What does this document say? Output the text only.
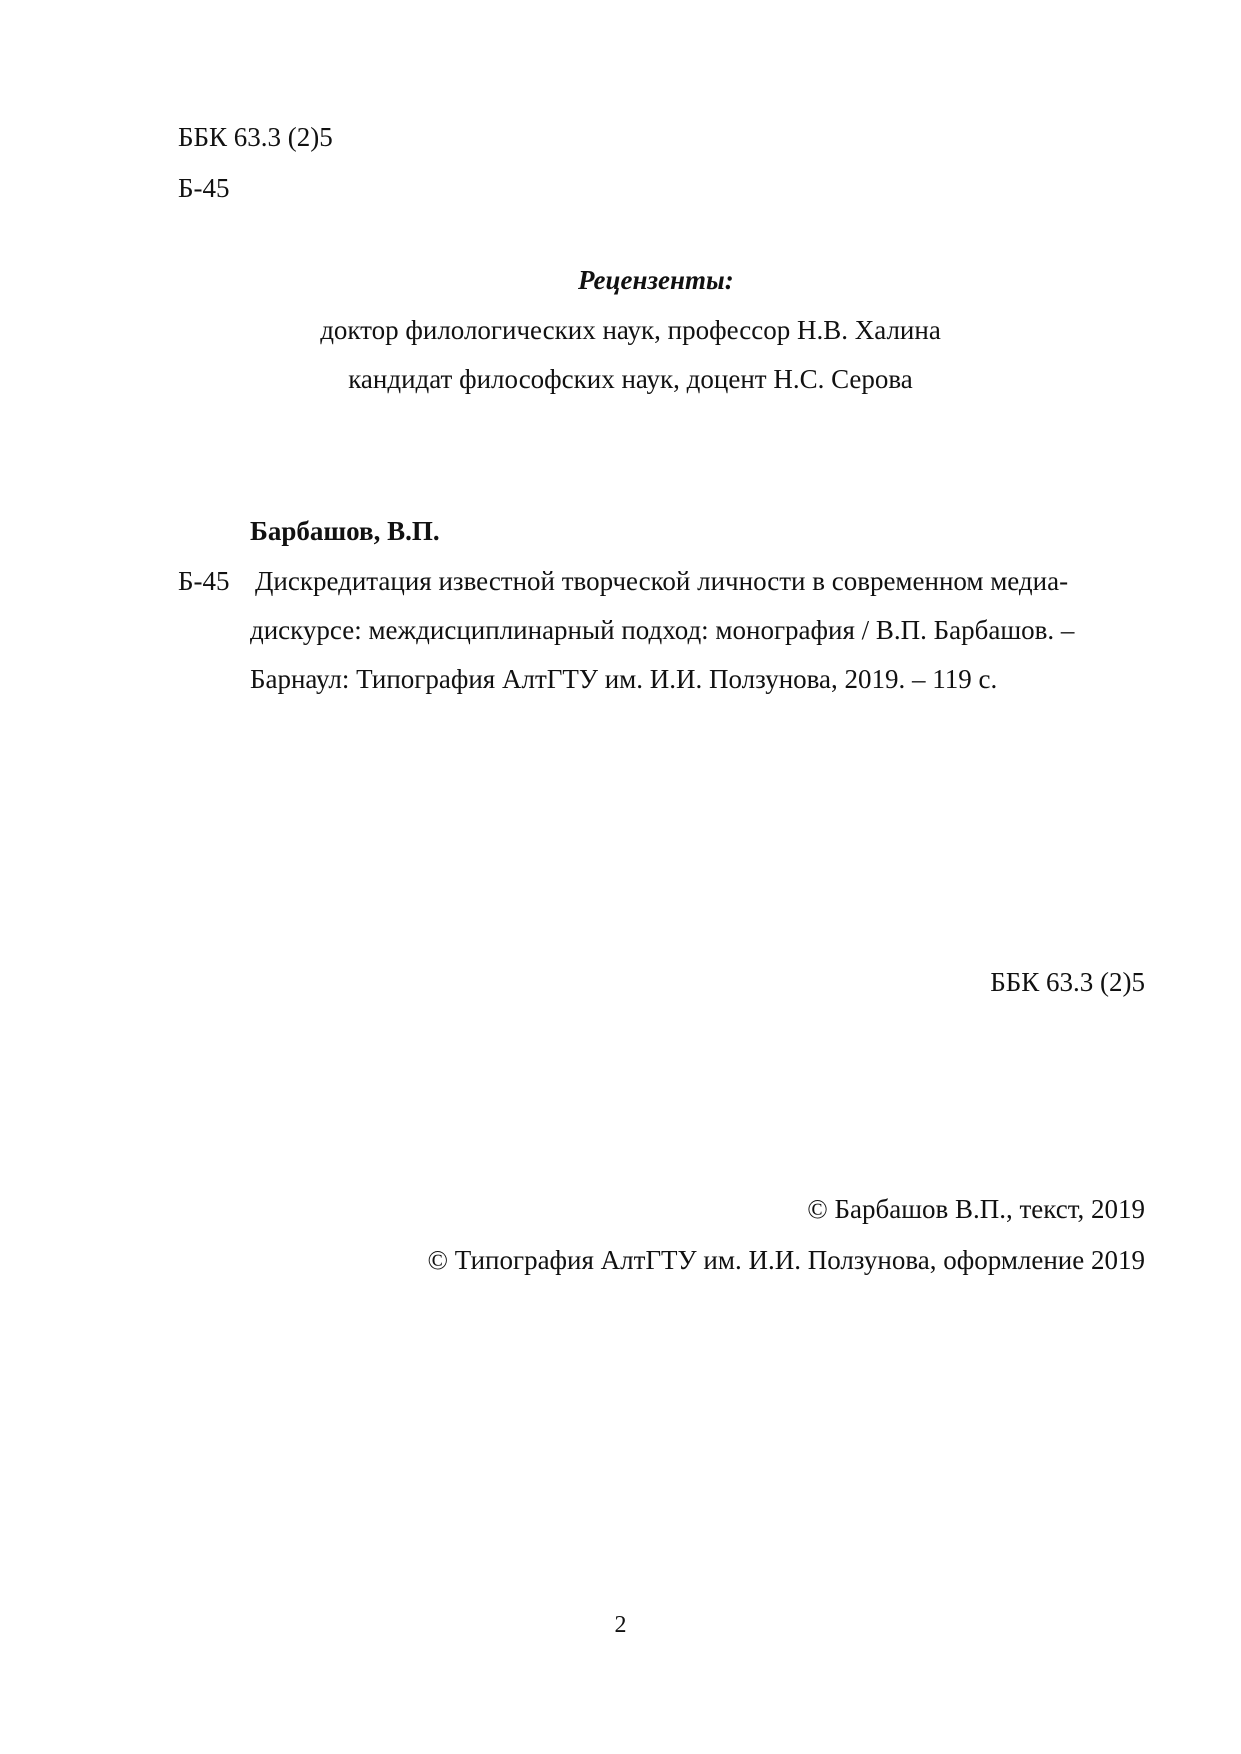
ББК 63.3 (2)5
Б-45
Рецензенты:
доктор филологических наук, профессор Н.В. Халина
кандидат философских наук, доцент Н.С. Серова
Барбашов, В.П.
Б-45 Дискредитация известной творческой личности в современном медиа-
дискурсе: междисциплинарный подход: монография / В.П. Барбашов. –
Барнаул: Типография АлтГТУ им. И.И. Ползунова, 2019. – 119 с.
ББК 63.3 (2)5
© Барбашов В.П., текст, 2019
© Типография АлтГТУ им. И.И. Ползунова, оформление 2019
2
